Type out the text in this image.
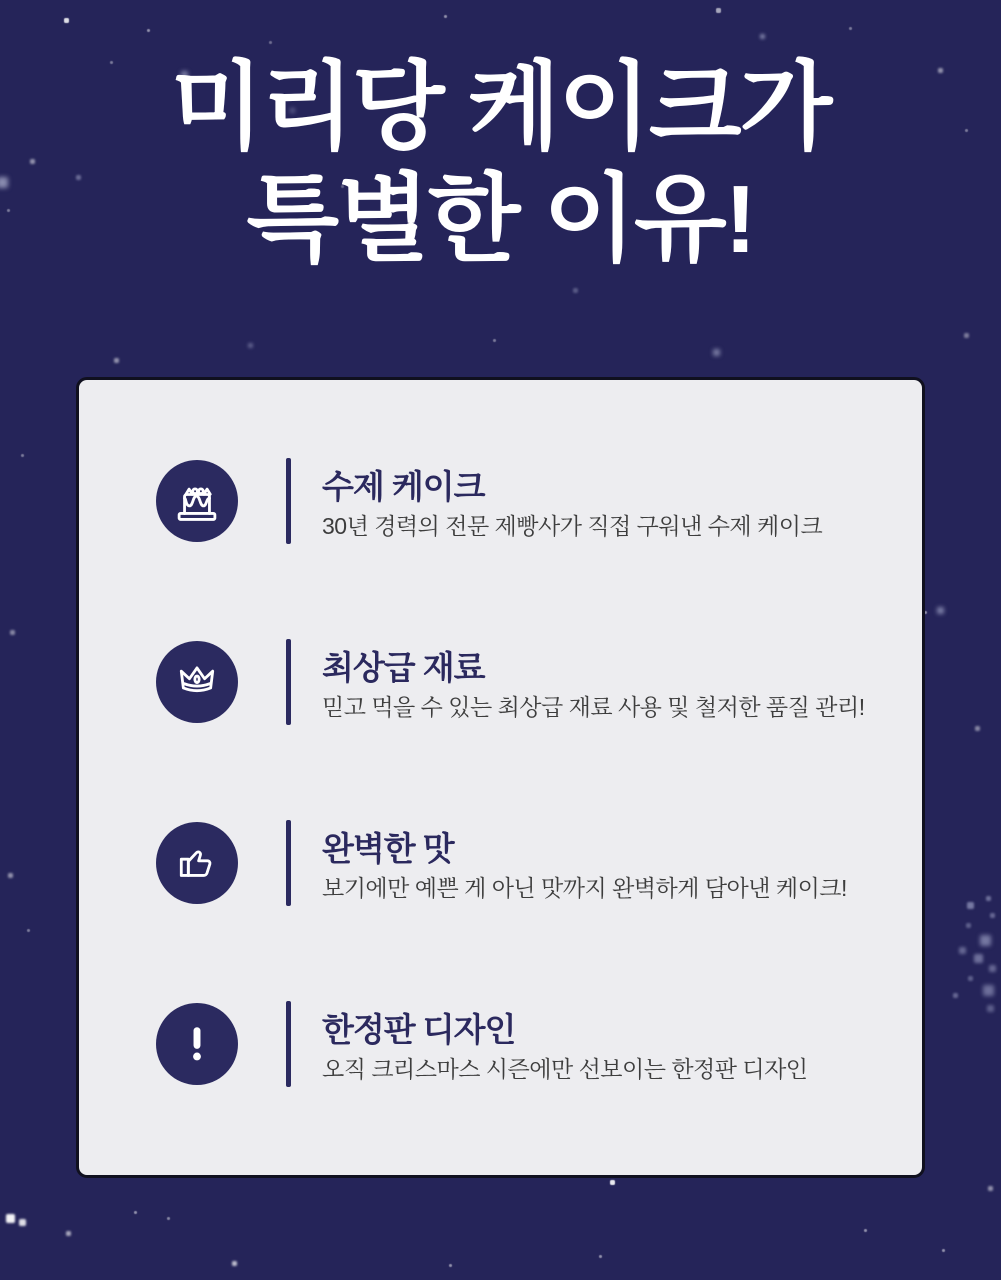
미리당 케이크가
특별한 이유!
수제 케이크

30년 경력의 전문 제빵사가 직접 구워낸 수제 케이크

최상급 재료

믿고 먹을 수 있는 최상급 재료 사용 및 철저한 품질 관리!

완벽한 맛

보기에만 예쁜 게 아닌 맛까지 완벽하게 담아낸 케이크!

한정판 디자인

오직 크리스마스 시즌에만 선보이는 한정판 디자인
